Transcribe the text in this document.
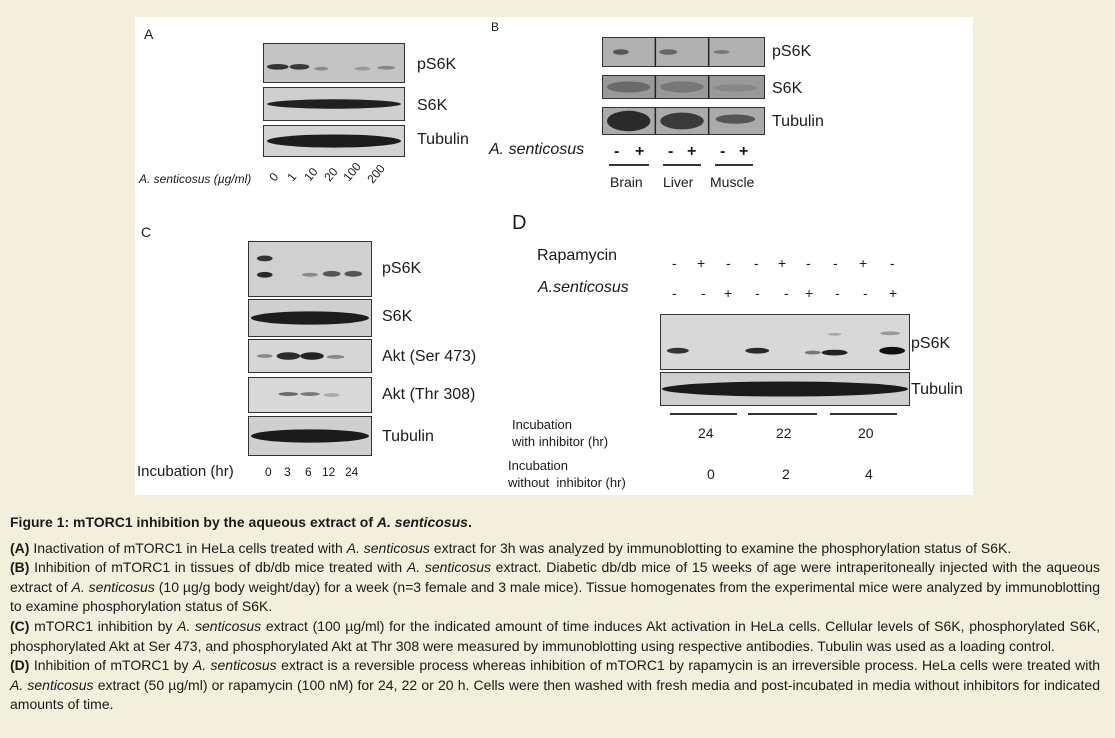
A
pS6K
S6K
Tubulin
A. senticosus (µg/ml) 0 1 10 20 100 200
B
pS6K
S6K
Tubulin
A. senticosus - + - + - +
Brain Liver Muscle
C
pS6K
S6K
Akt (Ser 473)
Akt (Thr 308)
Tubulin
Incubation (hr)	0 3 6 12 24
D
Rapamycin
A.senticosus
- + - - + - - + -
- - + - - + - - +
pS6K
Tubulin
Incubation
with inhibitor (hr)
24	22	20
Incubation
without  inhibitor (hr)
0	2	4

Figure 1: mTORC1 inhibition by the aqueous extract of A. senticosus.

(A) Inactivation of mTORC1 in HeLa cells treated with A. senticosus extract for 3h was analyzed by immunoblotting to examine the phosphorylation status of S6K.

(B) Inhibition of mTORC1 in tissues of db/db mice treated with A. senticosus extract. Diabetic db/db mice of 15 weeks of age were intraperitoneally injected with the aqueous extract of A. senticosus (10 µg/g body weight/day) for a week (n=3 female and 3 male mice). Tissue homogenates from the experimental mice were analyzed by immunoblotting to examine phosphorylation status of S6K.

(C) mTORC1 inhibition by A. senticosus extract (100 µg/ml) for the indicated amount of time induces Akt activation in HeLa cells. Cellular levels of S6K, phosphorylated S6K, phosphorylated Akt at Ser 473, and phosphorylated Akt at Thr 308 were measured by immunoblotting using respective antibodies. Tubulin was used as a loading control.

(D) Inhibition of mTORC1 by A. senticosus extract is a reversible process whereas inhibition of mTORC1 by rapamycin is an irreversible process. HeLa cells were treated with A. senticosus extract (50 µg/ml) or rapamycin (100 nM) for 24, 22 or 20 h. Cells were then washed with fresh media and post-incubated in media without inhibitors for indicated amounts of time.
